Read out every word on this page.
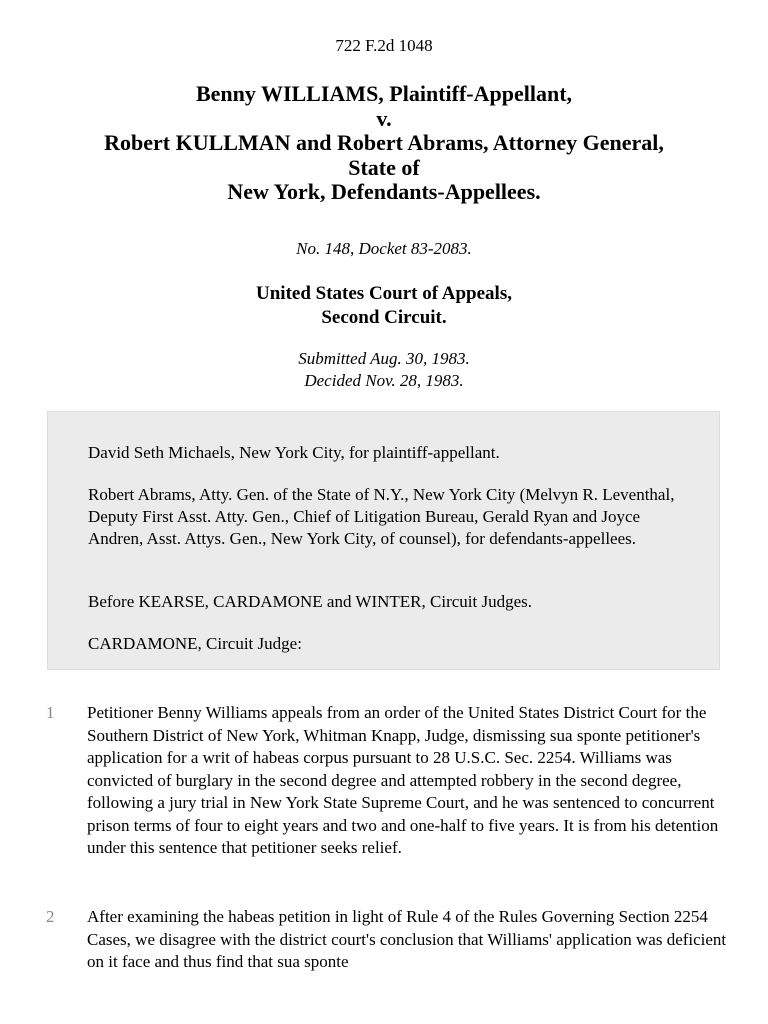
722 F.2d 1048
Benny WILLIAMS, Plaintiff-Appellant,
v.
Robert KULLMAN and Robert Abrams, Attorney General,
State of
New York, Defendants-Appellees.
No. 148, Docket 83-2083.
United States Court of Appeals,
Second Circuit.
Submitted Aug. 30, 1983.
Decided Nov. 28, 1983.

David Seth Michaels, New York City, for plaintiff-appellant.

Robert Abrams, Atty. Gen. of the State of N.Y., New York City (Melvyn R. Leventhal, Deputy First Asst. Atty. Gen., Chief of Litigation Bureau, Gerald Ryan and Joyce Andren, Asst. Attys. Gen., New York City, of counsel), for defendants-appellees.

Before KEARSE, CARDAMONE and WINTER, Circuit Judges.

CARDAMONE, Circuit Judge:

1	Petitioner Benny Williams appeals from an order of the United States District Court for the Southern District of New York, Whitman Knapp, Judge, dismissing sua sponte petitioner's application for a writ of habeas corpus pursuant to 28 U.S.C. Sec. 2254. Williams was convicted of burglary in the second degree and attempted robbery in the second degree, following a jury trial in New York State Supreme Court, and he was sentenced to concurrent prison terms of four to eight years and two and one-half to five years. It is from his detention under this sentence that petitioner seeks relief.

2	After examining the habeas petition in light of Rule 4 of the Rules Governing Section 2254 Cases, we disagree with the district court's conclusion that Williams' application was deficient on it face and thus find that sua sponte
